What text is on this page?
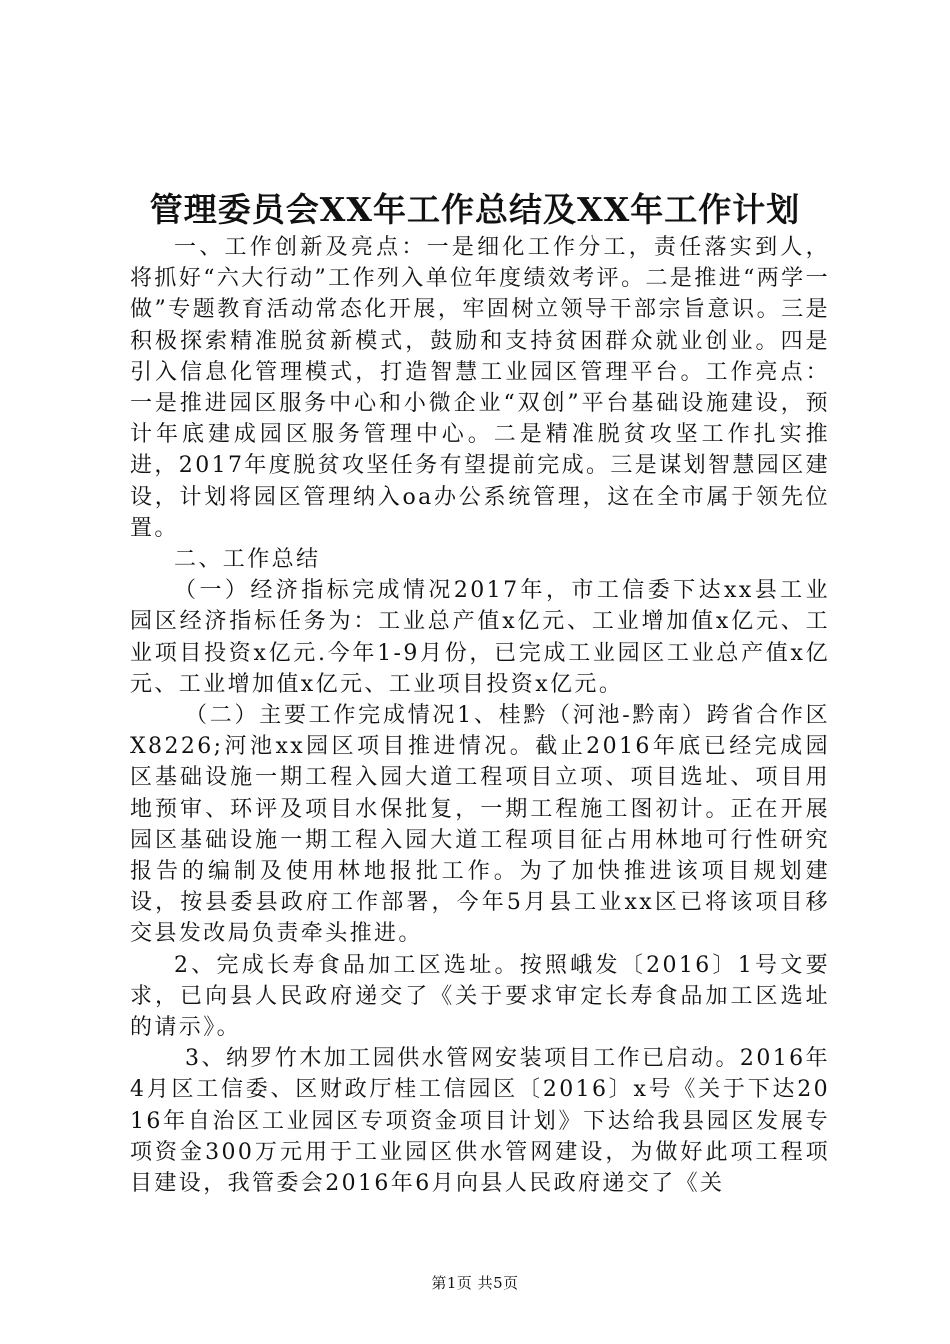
管理委员会XX年工作总结及XX年工作计划

一、工作创新及亮点：一是细化工作分工，责任落实到人，将抓好“六大行动”工作列入单位年度绩效考评。二是推进“两学一做”专题教育活动常态化开展，牢固树立领导干部宗旨意识。三是积极探索精准脱贫新模式，鼓励和支持贫困群众就业创业。四是引入信息化管理模式，打造智慧工业园区管理平台。工作亮点：一是推进园区服务中心和小微企业“双创”平台基础设施建设，预计年底建成园区服务管理中心。二是精准脱贫攻坚工作扎实推进，2017年度脱贫攻坚任务有望提前完成。三是谋划智慧园区建设，计划将园区管理纳入oa办公系统管理，这在全市属于领先位置。

二、工作总结

（一）经济指标完成情况2017年，市工信委下达xx县工业园区经济指标任务为：工业总产值x亿元、工业增加值x亿元、工业项目投资x亿元.今年1-9月份，已完成工业园区工业总产值x亿元、工业增加值x亿元、工业项目投资x亿元。

（二）主要工作完成情况1、桂黔（河池-黔南）跨省合作区X8226;河池xx园区项目推进情况。截止2016年底已经完成园区基础设施一期工程入园大道工程项目立项、项目选址、项目用地预审、环评及项目水保批复，一期工程施工图初计。正在开展园区基础设施一期工程入园大道工程项目征占用林地可行性研究报告的编制及使用林地报批工作。为了加快推进该项目规划建设，按县委县政府工作部署，今年5月县工业xx区已将该项目移交县发改局负责牵头推进。

2、完成长寿食品加工区选址。按照峨发〔2016〕1号文要求，已向县人民政府递交了《关于要求审定长寿食品加工区选址的请示》。

3、纳罗竹木加工园供水管网安装项目工作已启动。2016年4月区工信委、区财政厅桂工信园区〔2016〕x号《关于下达2016年自治区工业园区专项资金项目计划》下达给我县园区发展专项资金300万元用于工业园区供水管网建设，为做好此项工程项目建设，我管委会2016年6月向县人民政府递交了《关

第1页 共5页
